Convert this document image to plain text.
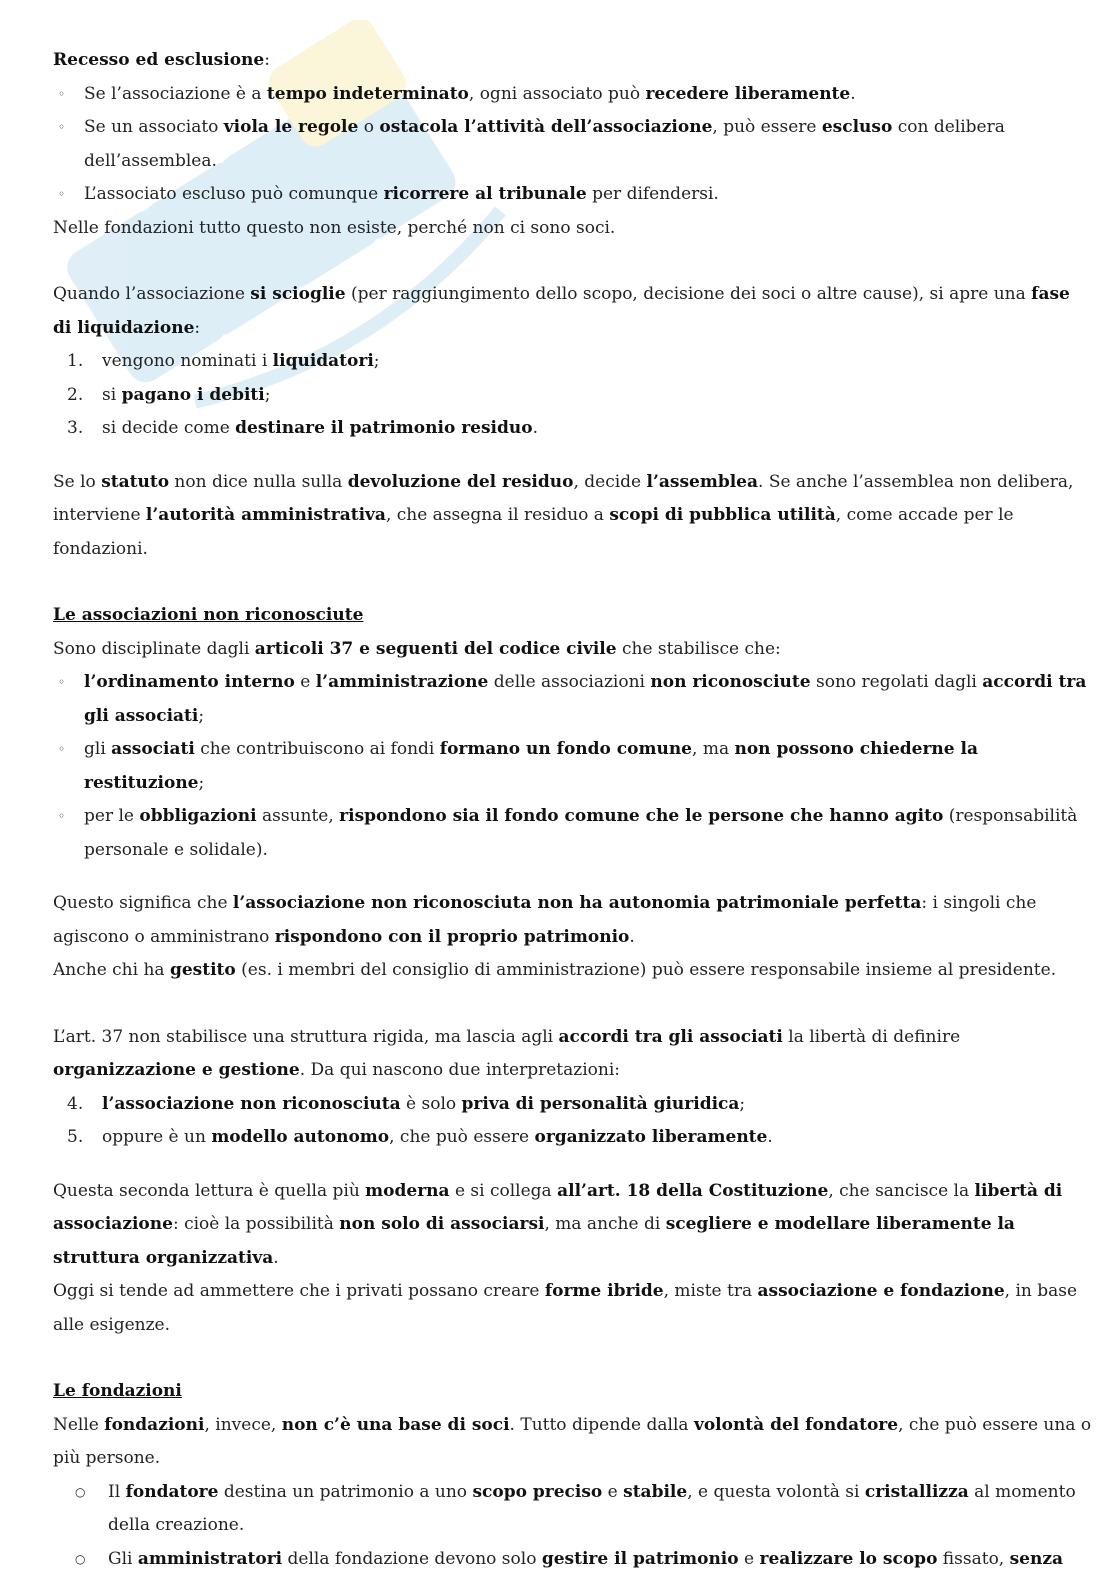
Recesso ed esclusione:

◦ Se l’associazione è a tempo indeterminato, ogni associato può recedere liberamente.
◦ Se un associato viola le regole o ostacola l’attività dell’associazione, può essere escluso con delibera dell’assemblea.
◦ L’associato escluso può comunque ricorrere al tribunale per difendersi.

Nelle fondazioni tutto questo non esiste, perché non ci sono soci.

Quando l’associazione si scioglie (per raggiungimento dello scopo, decisione dei soci o altre cause), si apre una fase di liquidazione:

1. vengono nominati i liquidatori;
2. si pagano i debiti;
3. si decide come destinare il patrimonio residuo.

Se lo statuto non dice nulla sulla devoluzione del residuo, decide l’assemblea. Se anche l’assemblea non delibera, interviene l’autorità amministrativa, che assegna il residuo a scopi di pubblica utilità, come accade per le fondazioni.

Le associazioni non riconosciute

Sono disciplinate dagli articoli 37 e seguenti del codice civile che stabilisce che:

◦ l’ordinamento interno e l’amministrazione delle associazioni non riconosciute sono regolati dagli accordi tra gli associati;
◦ gli associati che contribuiscono ai fondi formano un fondo comune, ma non possono chiederne la restituzione;
◦ per le obbligazioni assunte, rispondono sia il fondo comune che le persone che hanno agito (responsabilità personale e solidale).

Questo significa che l’associazione non riconosciuta non ha autonomia patrimoniale perfetta: i singoli che agiscono o amministrano rispondono con il proprio patrimonio.

Anche chi ha gestito (es. i membri del consiglio di amministrazione) può essere responsabile insieme al presidente.

L’art. 37 non stabilisce una struttura rigida, ma lascia agli accordi tra gli associati la libertà di definire organizzazione e gestione. Da qui nascono due interpretazioni:

4. l’associazione non riconosciuta è solo priva di personalità giuridica;
5. oppure è un modello autonomo, che può essere organizzato liberamente.

Questa seconda lettura è quella più moderna e si collega all’art. 18 della Costituzione, che sancisce la libertà di associazione: cioè la possibilità non solo di associarsi, ma anche di scegliere e modellare liberamente la struttura organizzativa.

Oggi si tende ad ammettere che i privati possano creare forme ibride, miste tra associazione e fondazione, in base alle esigenze.

Le fondazioni

Nelle fondazioni, invece, non c’è una base di soci. Tutto dipende dalla volontà del fondatore, che può essere una o più persone.

○ Il fondatore destina un patrimonio a uno scopo preciso e stabile, e questa volontà si cristallizza al momento della creazione.
○ Gli amministratori della fondazione devono solo gestire il patrimonio e realizzare lo scopo fissato, senza
